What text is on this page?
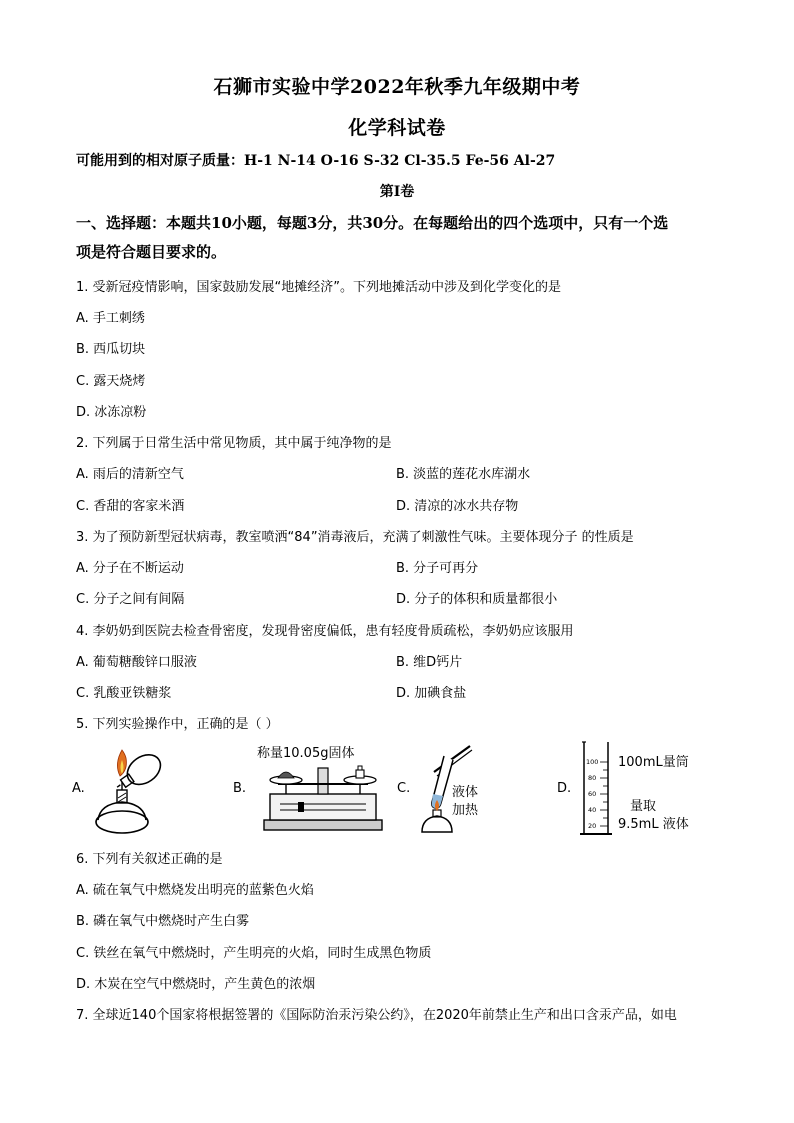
石狮市实验中学2022年秋季九年级期中考
化学科试卷
可能用到的相对原子质量：H-1 N-14 O-16 S-32 Cl-35.5 Fe-56 Al-27
第I卷
一、选择题：本题共10小题，每题3分，共30分。在每题给出的四个选项中，只有一个选
项是符合题目要求的。
1. 受新冠疫情影响，国家鼓励发展“地摊经济”。下列地摊活动中涉及到化学变化的是
A. 手工刺绣
B. 西瓜切块
C. 露天烧烤
D. 冰冻凉粉
2. 下列属于日常生活中常见物质，其中属于纯净物的是
A. 雨后的清新空气	B. 淡蓝的莲花水库湖水
C. 香甜的客家米酒	D. 清凉的冰水共存物
3. 为了预防新型冠状病毒，教室喷洒“84”消毒液后，充满了刺激性气味。主要体现分子 的性质是
A. 分子在不断运动	B. 分子可再分
C. 分子之间有间隔	D. 分子的体积和质量都很小
4. 李奶奶到医院去检查骨密度，发现骨密度偏低，患有轻度骨质疏松，李奶奶应该服用
A. 葡萄糖酸锌口服液	B. 维D钙片
C. 乳酸亚铁糖浆	D. 加碘食盐
5. 下列实验操作中，正确的是（ ）
A.	B.
称量10.05g固体
C.	液体
加热
D.
100
80
60
40
20
100mL量筒
量取
9.5mL 液体
6. 下列有关叙述正确的是
A. 硫在氧气中燃烧发出明亮的蓝紫色火焰
B. 磷在氧气中燃烧时产生白雾
C. 铁丝在氧气中燃烧时，产生明亮的火焰，同时生成黑色物质
D. 木炭在空气中燃烧时，产生黄色的浓烟
7. 全球近140个国家将根据签署的《国际防治汞污染公约》，在2020年前禁止生产和出口含汞产品，如电
